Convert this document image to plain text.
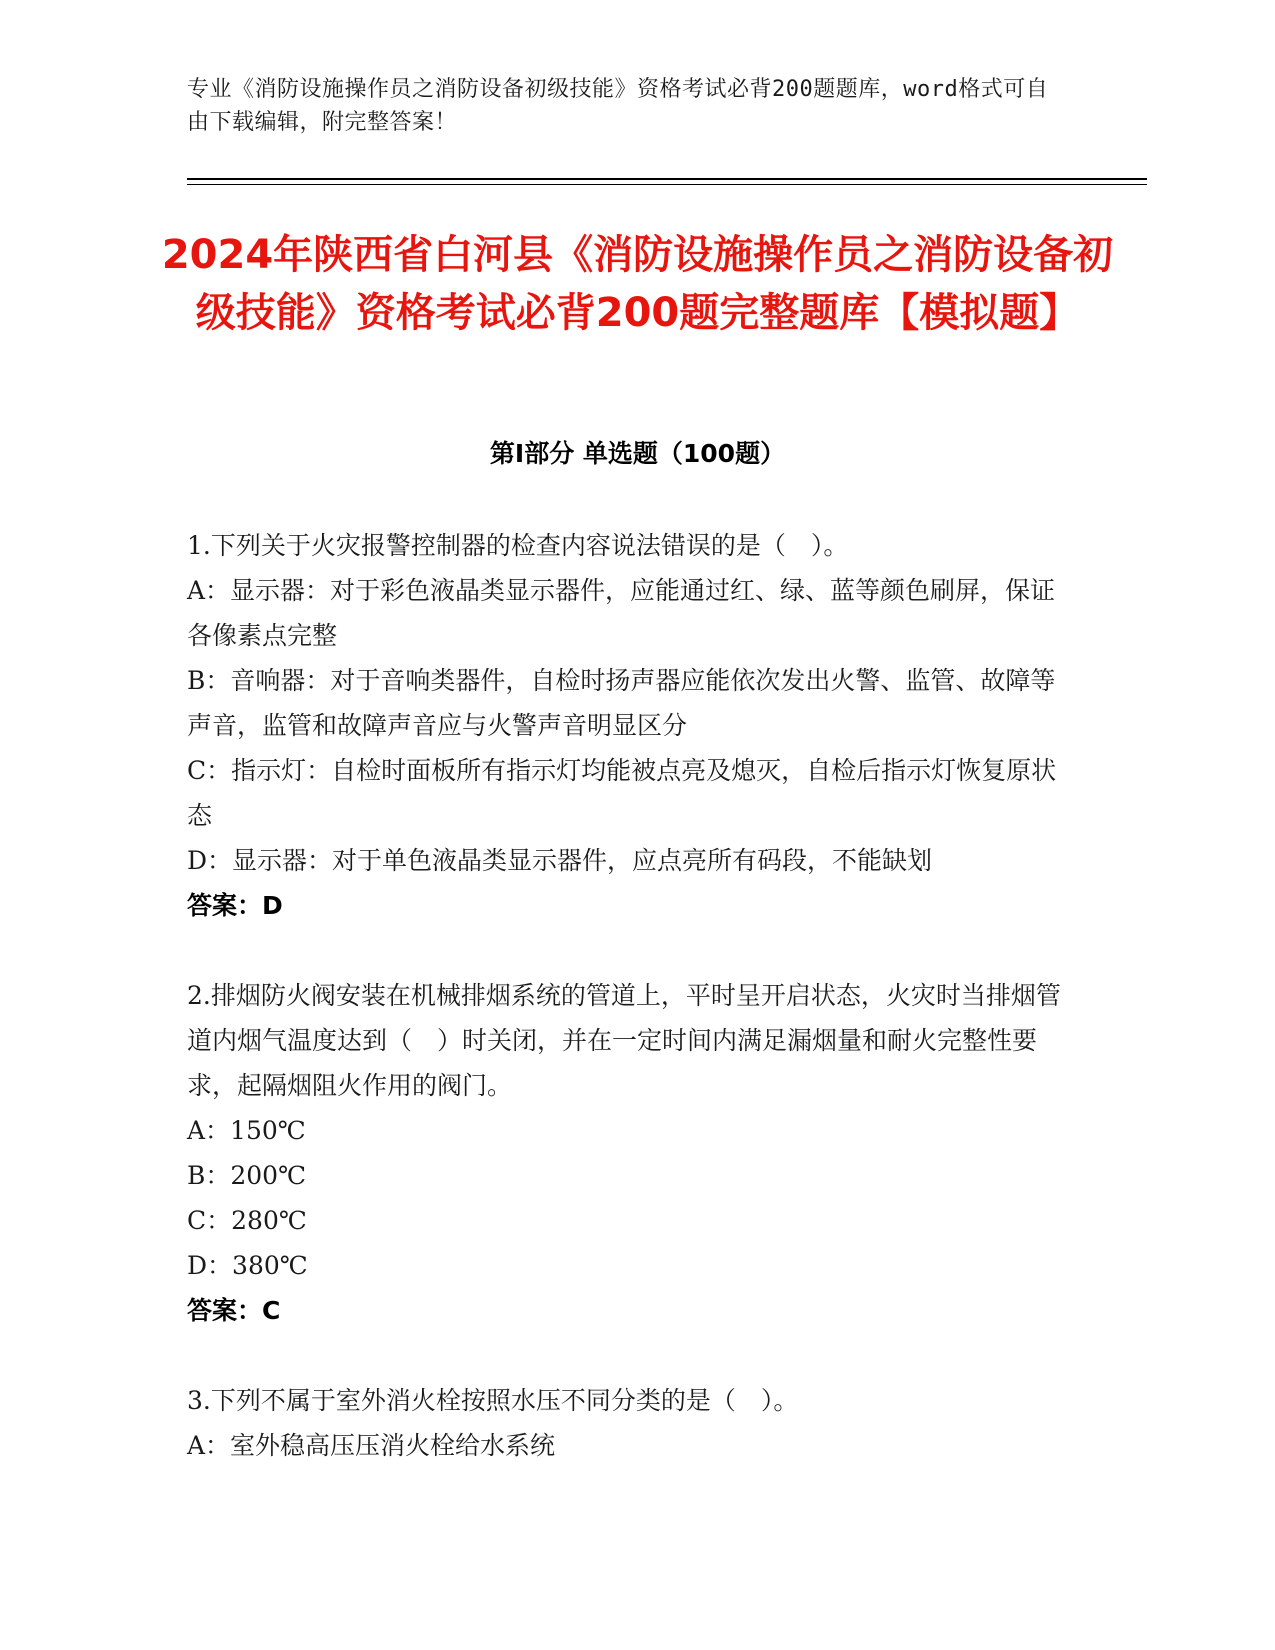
专业《消防设施操作员之消防设备初级技能》资格考试必背200题题库，word格式可自由下载编辑，附完整答案！
2024年陕西省白河县《消防设施操作员之消防设备初级技能》资格考试必背200题完整题库【模拟题】
第I部分 单选题（100题）

1.下列关于火灾报警控制器的检查内容说法错误的是（　）。

A：显示器：对于彩色液晶类显示器件，应能通过红、绿、蓝等颜色刷屏，保证各像素点完整

B：音响器：对于音响类器件，自检时扬声器应能依次发出火警、监管、故障等声音，监管和故障声音应与火警声音明显区分

C：指示灯：自检时面板所有指示灯均能被点亮及熄灭，自检后指示灯恢复原状态

D：显示器：对于单色液晶类显示器件，应点亮所有码段，不能缺划

答案：D

2.排烟防火阀安装在机械排烟系统的管道上，平时呈开启状态，火灾时当排烟管道内烟气温度达到（　）时关闭，并在一定时间内满足漏烟量和耐火完整性要求，起隔烟阻火作用的阀门。

A：150℃

B：200℃

C：280℃

D：380℃

答案：C

3.下列不属于室外消火栓按照水压不同分类的是（　）。

A：室外稳高压压消火栓给水系统
